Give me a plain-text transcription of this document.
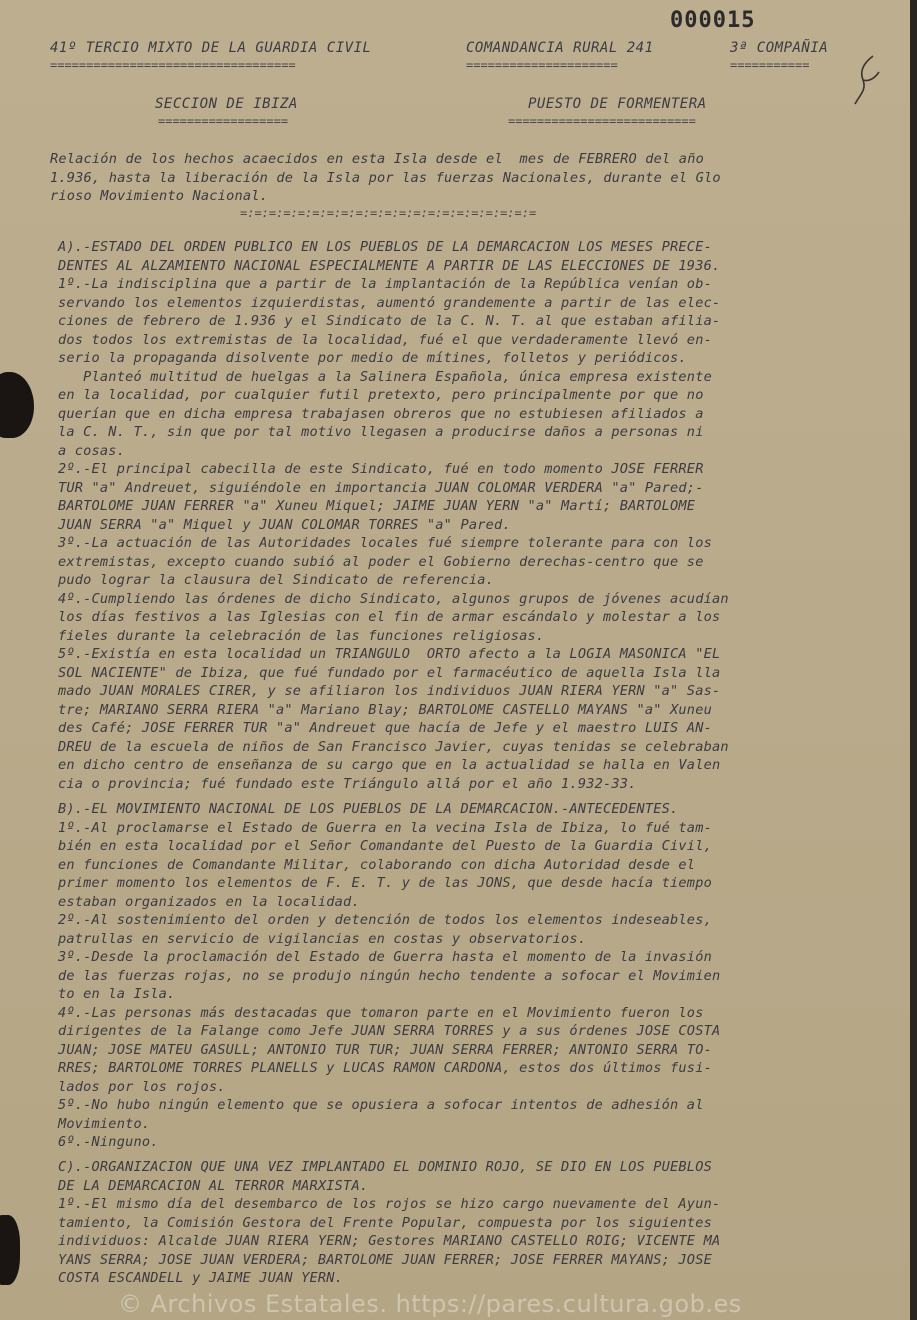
000015
41º TERCIO MIXTO DE LA GUARDIA CIVIL	COMANDANCIA RURAL 241	3ª COMPAÑIA
==================================	=====================	===========
SECCION DE IBIZA	PUESTO DE FORMENTERA
==================	==========================
Relación de los hechos acaecidos en esta Isla desde el  mes de FEBRERO del año
1.936, hasta la liberación de la Isla por las fuerzas Nacionales, durante el Glo
rioso Movimiento Nacional.
=:=:=:=:=:=:=:=:=:=:=:=:=:=:=:=:=:=:=:=:=
A).-ESTADO DEL ORDEN PUBLICO EN LOS PUEBLOS DE LA DEMARCACION LOS MESES PRECE-
DENTES AL ALZAMIENTO NACIONAL ESPECIALMENTE A PARTIR DE LAS ELECCIONES DE 1936.
1º.-La indisciplina que a partir de la implantación de la República venían ob-
servando los elementos izquierdistas, aumentó grandemente a partir de las elec-
ciones de febrero de 1.936 y el Sindicato de la C. N. T. al que estaban afilia-
dos todos los extremistas de la localidad, fué el que verdaderamente llevó en-
serio la propaganda disolvente por medio de mítines, folletos y periódicos.
Planteó multitud de huelgas a la Salinera Española, única empresa existente
en la localidad, por cualquier futil pretexto, pero principalmente por que no
querían que en dicha empresa trabajasen obreros que no estubiesen afiliados a
la C. N. T., sin que por tal motivo llegasen a producirse daños a personas ni
a cosas.
2º.-El principal cabecilla de este Sindicato, fué en todo momento JOSE FERRER
TUR "a" Andreuet, siguiéndole en importancia JUAN COLOMAR VERDERA "a" Pared;-
BARTOLOME JUAN FERRER "a" Xuneu Miquel; JAIME JUAN YERN "a" Martí; BARTOLOME
JUAN SERRA "a" Miquel y JUAN COLOMAR TORRES "a" Pared.
3º.-La actuación de las Autoridades locales fué siempre tolerante para con los
extremistas, excepto cuando subió al poder el Gobierno derechas-centro que se
pudo lograr la clausura del Sindicato de referencia.
4º.-Cumpliendo las órdenes de dicho Sindicato, algunos grupos de jóvenes acudían
los días festivos a las Iglesias con el fin de armar escándalo y molestar a los
fieles durante la celebración de las funciones religiosas.
5º.-Existía en esta localidad un TRIANGULO  ORTO afecto a la LOGIA MASONICA "EL
SOL NACIENTE" de Ibiza, que fué fundado por el farmacéutico de aquella Isla lla
mado JUAN MORALES CIRER, y se afiliaron los individuos JUAN RIERA YERN "a" Sas-
tre; MARIANO SERRA RIERA "a" Mariano Blay; BARTOLOME CASTELLO MAYANS "a" Xuneu
des Café; JOSE FERRER TUR "a" Andreuet que hacía de Jefe y el maestro LUIS AN-
DREU de la escuela de niños de San Francisco Javier, cuyas tenidas se celebraban
en dicho centro de enseñanza de su cargo que en la actualidad se halla en Valen
cia o provincia; fué fundado este Triángulo allá por el año 1.932-33.
B).-EL MOVIMIENTO NACIONAL DE LOS PUEBLOS DE LA DEMARCACION.-ANTECEDENTES.
1º.-Al proclamarse el Estado de Guerra en la vecina Isla de Ibiza, lo fué tam-
bién en esta localidad por el Señor Comandante del Puesto de la Guardia Civil,
en funciones de Comandante Militar, colaborando con dicha Autoridad desde el
primer momento los elementos de F. E. T. y de las JONS, que desde hacía tiempo
estaban organizados en la localidad.
2º.-Al sostenimiento del orden y detención de todos los elementos indeseables,
patrullas en servicio de vigilancias en costas y observatorios.
3º.-Desde la proclamación del Estado de Guerra hasta el momento de la invasión
de las fuerzas rojas, no se produjo ningún hecho tendente a sofocar el Movimien
to en la Isla.
4º.-Las personas más destacadas que tomaron parte en el Movimiento fueron los
dirigentes de la Falange como Jefe JUAN SERRA TORRES y a sus órdenes JOSE COSTA
JUAN; JOSE MATEU GASULL; ANTONIO TUR TUR; JUAN SERRA FERRER; ANTONIO SERRA TO-
RRES; BARTOLOME TORRES PLANELLS y LUCAS RAMON CARDONA, estos dos últimos fusi-
lados por los rojos.
5º.-No hubo ningún elemento que se opusiera a sofocar intentos de adhesión al
Movimiento.
6º.-Ninguno.
C).-ORGANIZACION QUE UNA VEZ IMPLANTADO EL DOMINIO ROJO, SE DIO EN LOS PUEBLOS
DE LA DEMARCACION AL TERROR MARXISTA.
1º.-El mismo día del desembarco de los rojos se hizo cargo nuevamente del Ayun-
tamiento, la Comisión Gestora del Frente Popular, compuesta por los siguientes
individuos: Alcalde JUAN RIERA YERN; Gestores MARIANO CASTELLO ROIG; VICENTE MA
YANS SERRA; JOSE JUAN VERDERA; BARTOLOME JUAN FERRER; JOSE FERRER MAYANS; JOSE
COSTA ESCANDELL y JAIME JUAN YERN.
© Archivos Estatales. https://pares.cultura.gob.es
